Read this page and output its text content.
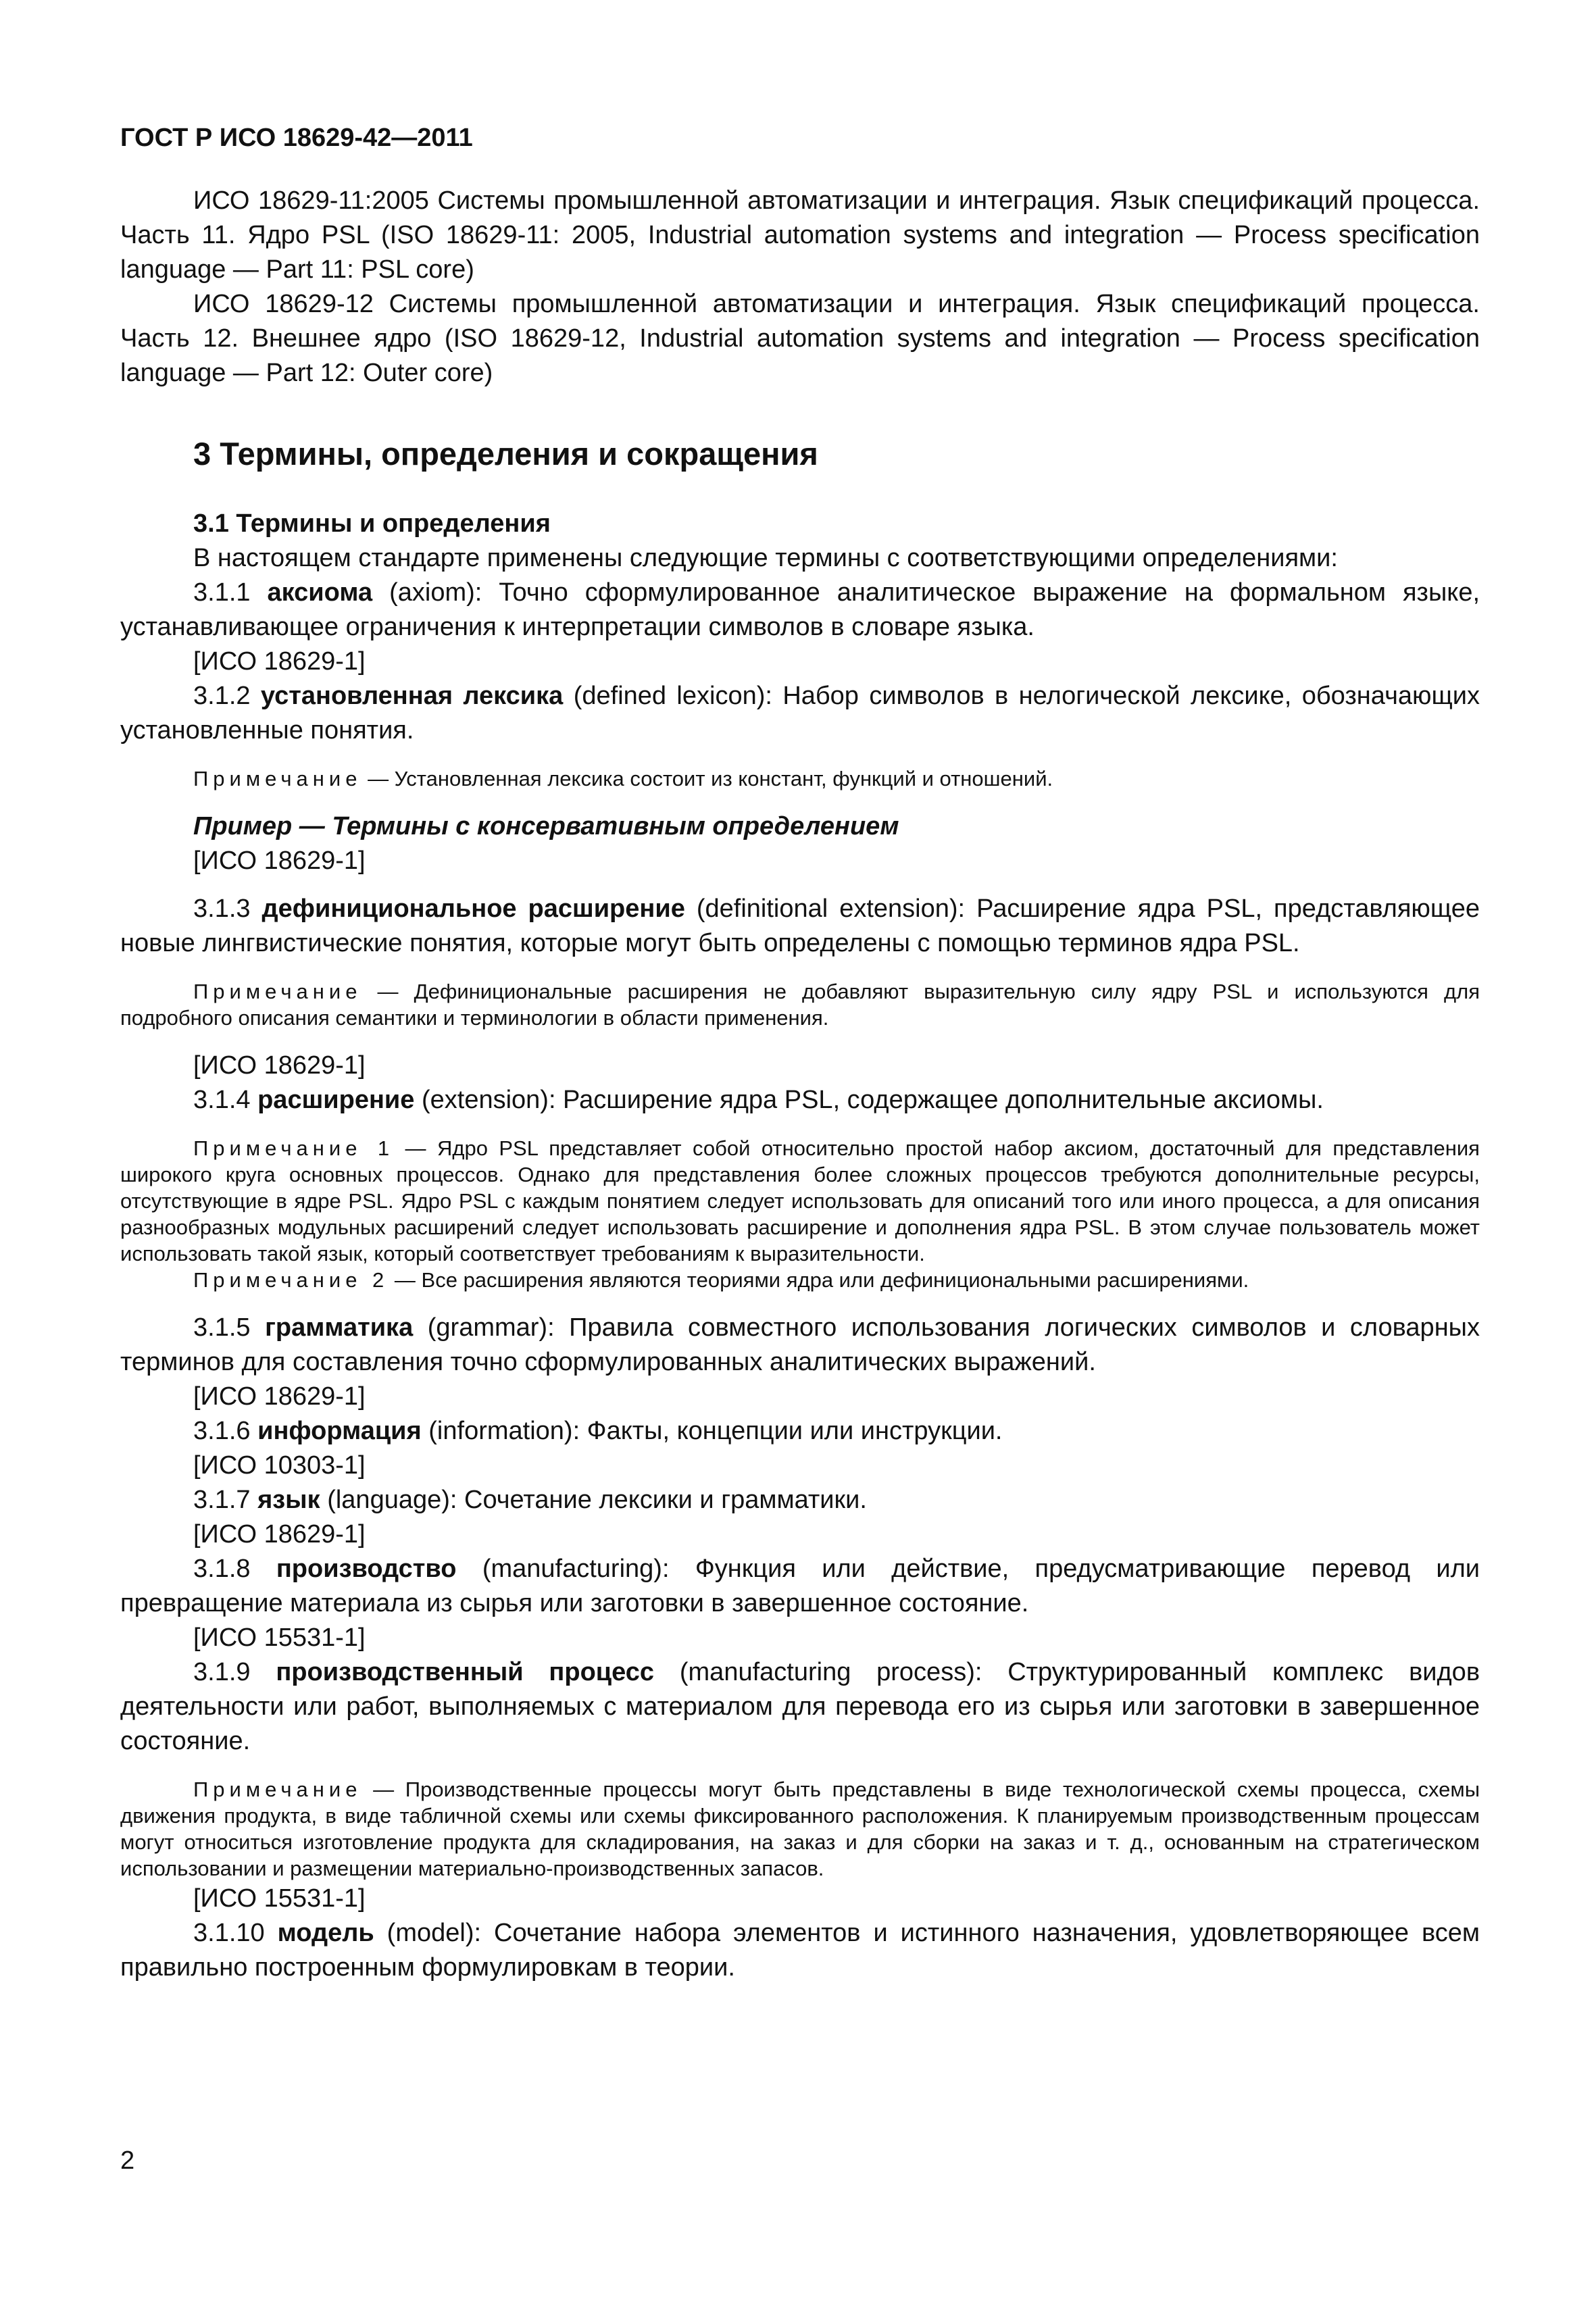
ГОСТ Р ИСО 18629-42—2011

ИСО 18629-11:2005 Системы промышленной автоматизации и интеграция. Язык спецификаций процесса. Часть 11. Ядро PSL (ISO 18629-11: 2005, Industrial automation systems and integration — Process specification language — Part 11: PSL core)

ИСО 18629-12 Системы промышленной автоматизации и интеграция. Язык спецификаций процесса. Часть 12. Внешнее ядро (ISO 18629-12, Industrial automation systems and integration — Process specification language — Part 12: Outer core)

3 Термины, определения и сокращения
3.1 Термины и определения

В настоящем стандарте применены следующие термины с соответствующими определениями:

3.1.1 аксиома (axiom): Точно сформулированное аналитическое выражение на формальном языке, устанавливающее ограничения к интерпретации символов в словаре языка.

[ИСО 18629-1]

3.1.2 установленная лексика (defined lexicon): Набор символов в нелогической лексике, обозначающих установленные понятия.

Примечание — Установленная лексика состоит из констант, функций и отношений.

Пример — Термины с консервативным определением

[ИСО 18629-1]

3.1.3 дефинициональное расширение (definitional extension): Расширение ядра PSL, представляющее новые лингвистические понятия, которые могут быть определены с помощью терминов ядра PSL.

Примечание — Дефинициональные расширения не добавляют выразительную силу ядру PSL и используются для подробного описания семантики и терминологии в области применения.

[ИСО 18629-1]

3.1.4 расширение (extension): Расширение ядра PSL, содержащее дополнительные аксиомы.

Примечание 1 — Ядро PSL представляет собой относительно простой набор аксиом, достаточный для представления широкого круга основных процессов. Однако для представления более сложных процессов требуются дополнительные ресурсы, отсутствующие в ядре PSL. Ядро PSL с каждым понятием следует использовать для описаний того или иного процесса, а для описания разнообразных модульных расширений следует использовать расширение и дополнения ядра PSL. В этом случае пользователь может использовать такой язык, который соответствует требованиям к выразительности.

Примечание 2 — Все расширения являются теориями ядра или дефинициональными расширениями.

3.1.5 грамматика (grammar): Правила совместного использования логических символов и словарных терминов для составления точно сформулированных аналитических выражений.

[ИСО 18629-1]

3.1.6 информация (information): Факты, концепции или инструкции.

[ИСО 10303-1]

3.1.7 язык (language): Сочетание лексики и грамматики.

[ИСО 18629-1]

3.1.8 производство (manufacturing): Функция или действие, предусматривающие перевод или превращение материала из сырья или заготовки в завершенное состояние.

[ИСО 15531-1]

3.1.9 производственный процесс (manufacturing process): Структурированный комплекс видов деятельности или работ, выполняемых с материалом для перевода его из сырья или заготовки в завершенное состояние.

Примечание — Производственные процессы могут быть представлены в виде технологической схемы процесса, схемы движения продукта, в виде табличной схемы или схемы фиксированного расположения. К планируемым производственным процессам могут относиться изготовление продукта для складирования, на заказ и для сборки на заказ и т. д., основанным на стратегическом использовании и размещении материально-производственных запасов.

[ИСО 15531-1]

3.1.10 модель (model): Сочетание набора элементов и истинного назначения, удовлетворяющее всем правильно построенным формулировкам в теории.

2
